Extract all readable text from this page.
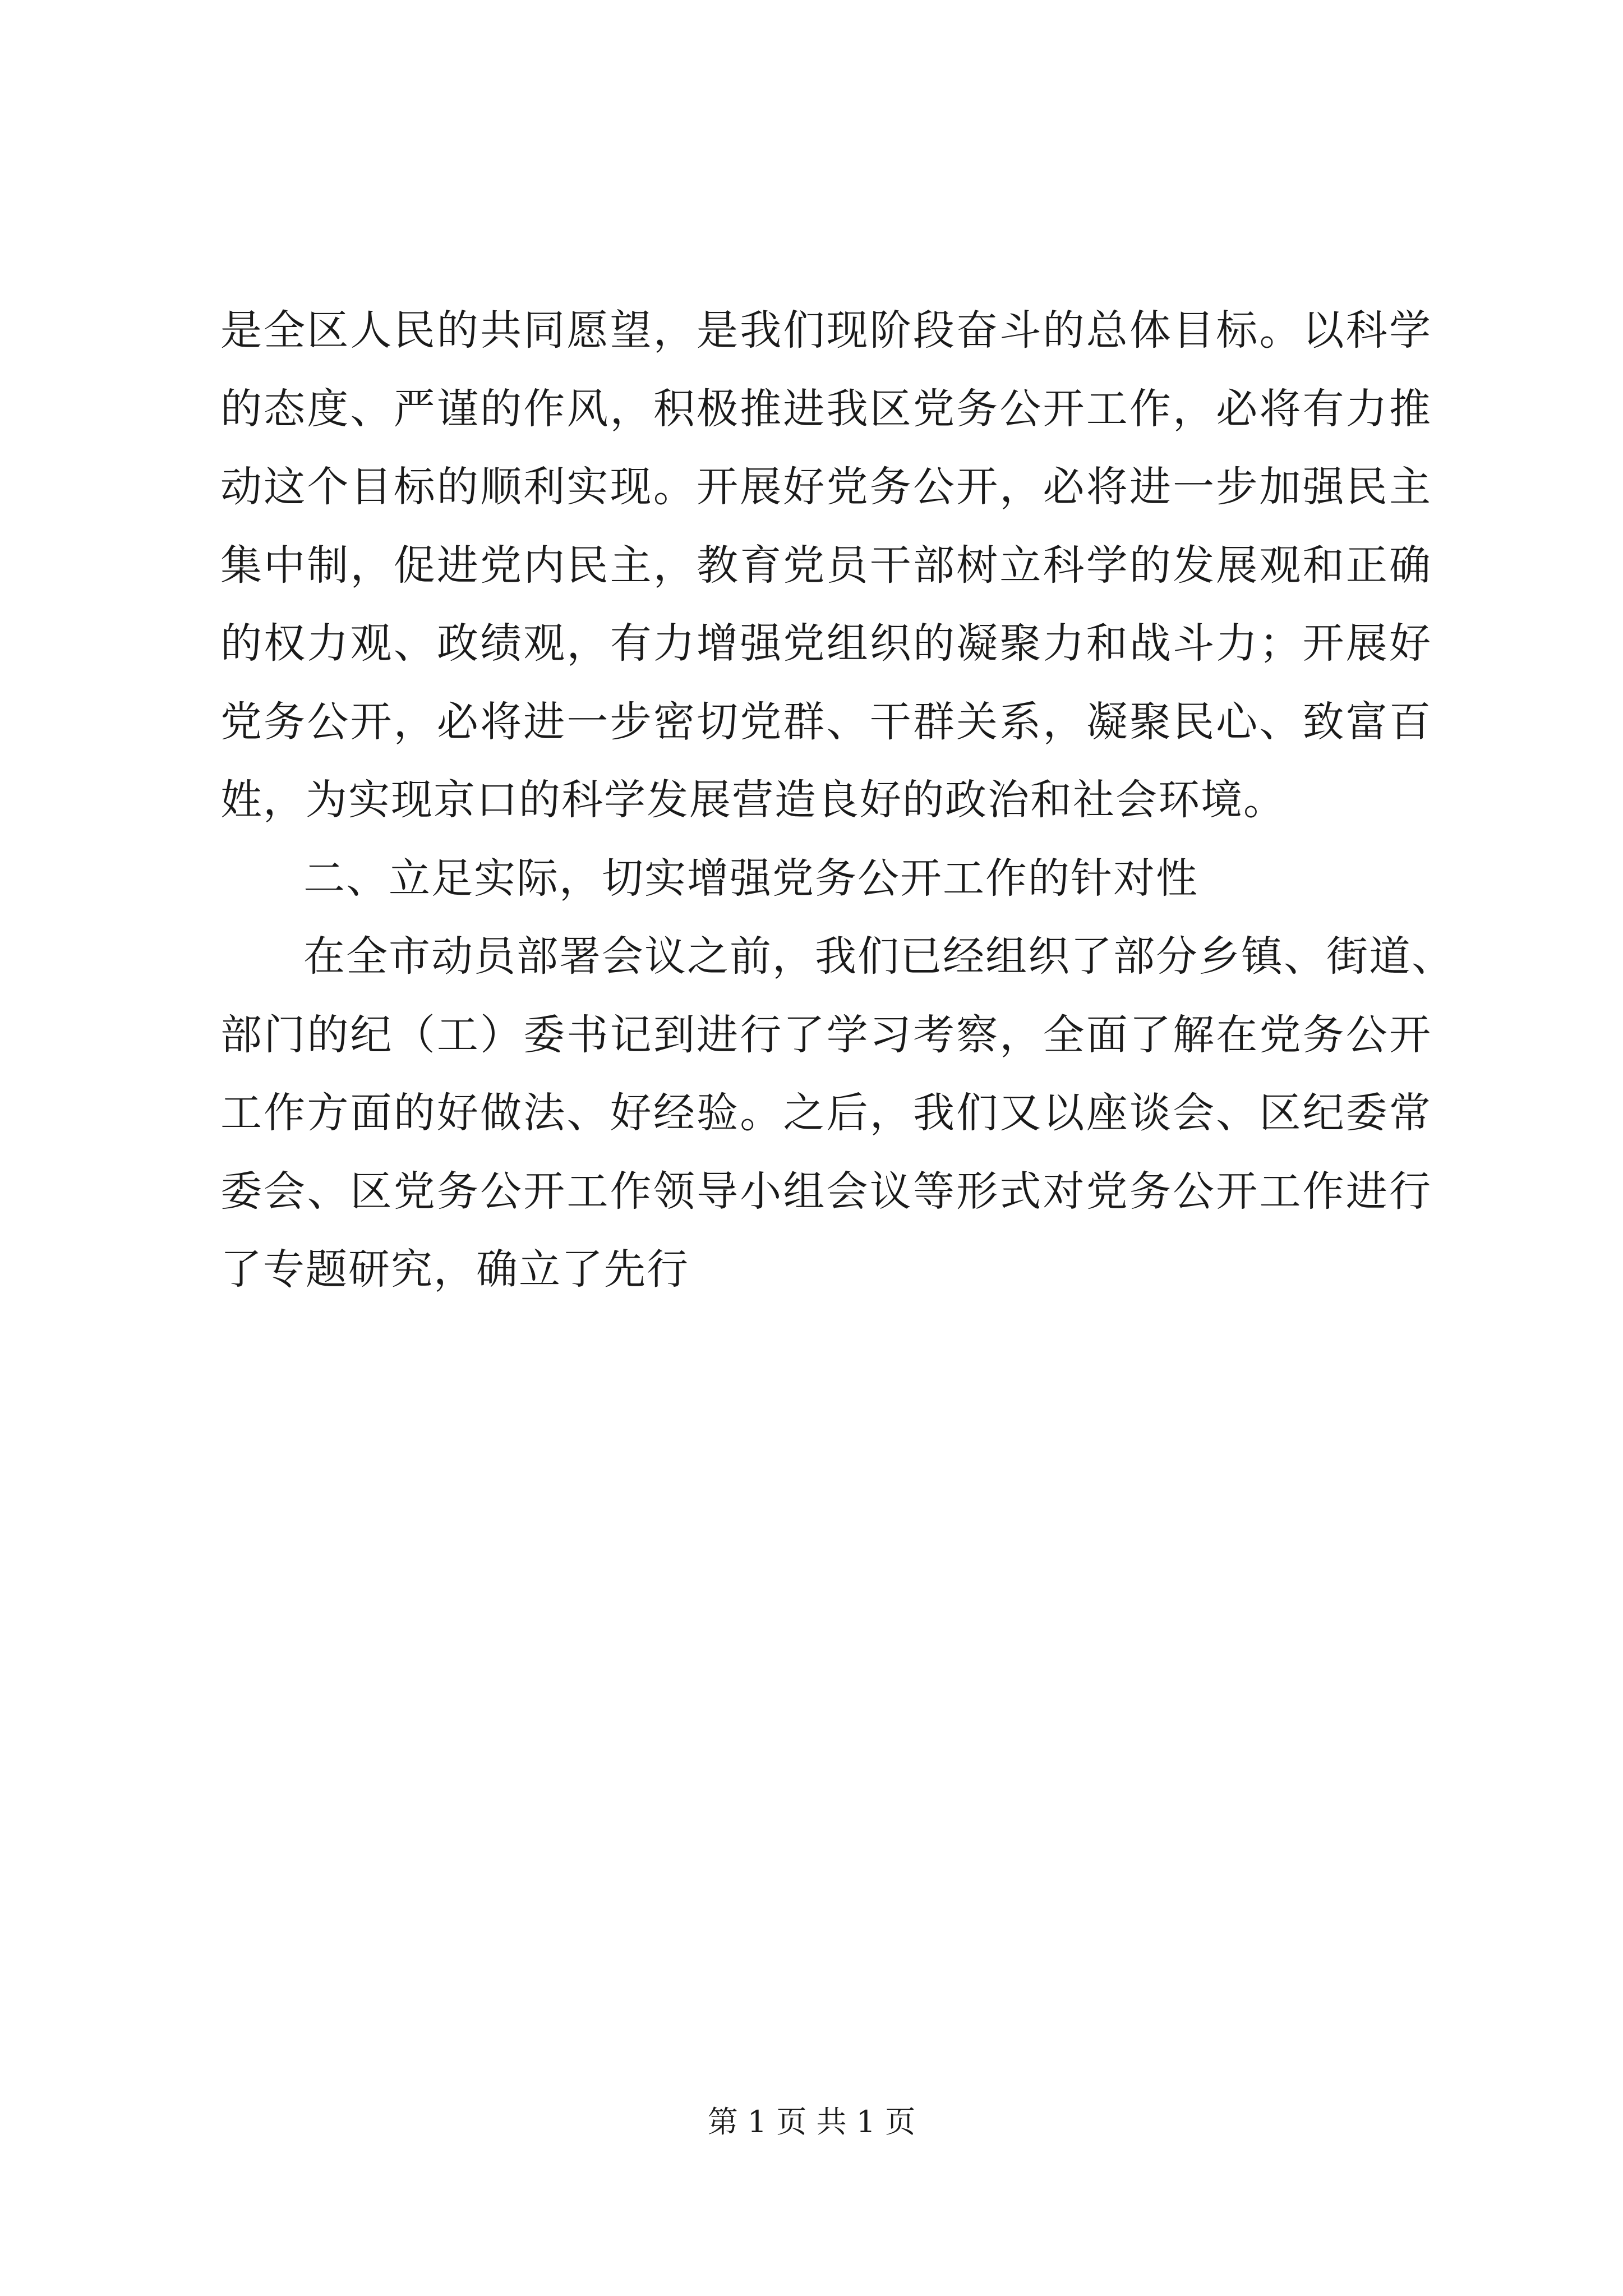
是全区人民的共同愿望，是我们现阶段奋斗的总体目标。以科学
的态度、严谨的作风，积极推进我区党务公开工作，必将有力推
动这个目标的顺利实现。开展好党务公开，必将进一步加强民主
集中制，促进党内民主，教育党员干部树立科学的发展观和正确
的权力观、政绩观，有力增强党组织的凝聚力和战斗力；开展好
党务公开，必将进一步密切党群、干群关系，凝聚民心、致富百
姓，为实现京口的科学发展营造良好的政治和社会环境。
二、立足实际，切实增强党务公开工作的针对性
在全市动员部署会议之前，我们已经组织了部分乡镇、街道、
部门的纪（工）委书记到进行了学习考察，全面了解在党务公开
工作方面的好做法、好经验。之后，我们又以座谈会、区纪委常
委会、区党务公开工作领导小组会议等形式对党务公开工作进行
了专题研究，确立了先行
第 1 页 共 1 页
